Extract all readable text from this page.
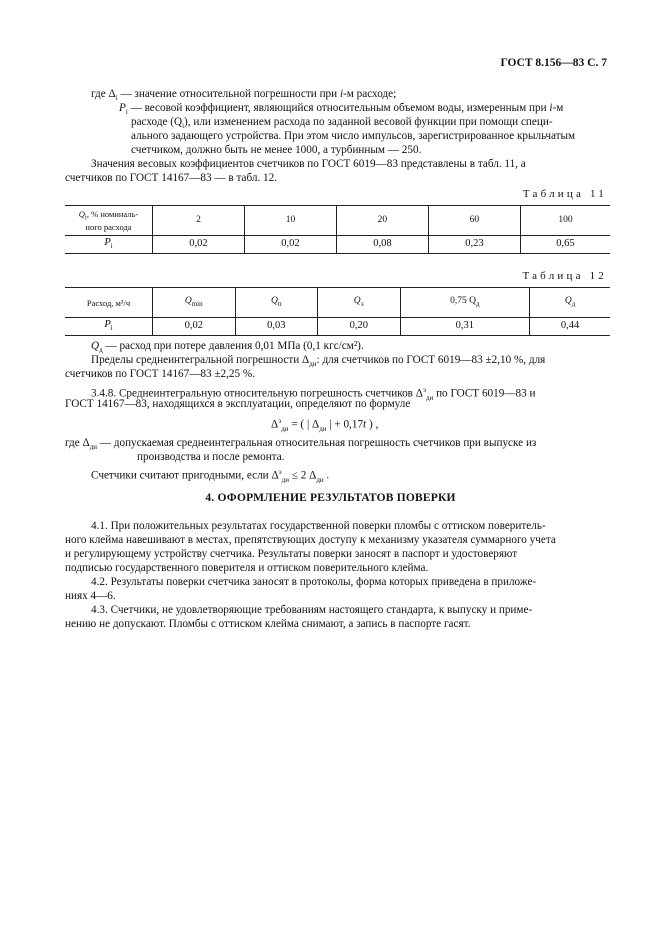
ГОСТ 8.156—83 С. 7
где $\Delta_i$ — значение относительной погрешности при i-м расходе;
$P_i$ — весовой коэффициент, являющийся относительным объемом воды, измеренным при i-м
расходе $(Q_i)$, или изменением расхода по заданной весовой функции при помощи специ-
ального задающего устройства. При этом число импульсов, зарегистрированное крыльчатым
счетчиком, должно быть не менее 1000, а турбинным — 250.
Значения весовых коэффициентов счетчиков по ГОСТ 6019—83 представлены в табл. 11, а
счетчиков по ГОСТ 14167—83 — в табл. 12.
Таблица 11
$Q_i$, % номиналь-
ного расхода	2	10	20	60	100
$P_i$	0,02	0,02	0,08	0,23	0,65
Таблица 12
Расход, м³/ч	$Q_{min}$	$Q_п$	$Q_э$	0,75 $Q_д$	$Q_д$
$P_i$	0,02	0,03	0,20	0,31	0,44
$Q_д$ — расход при потере давления 0,01 МПа (0,1 кгс/см²).
Пределы среднеинтегральной погрешности $\Delta_{ди}$: для счетчиков по ГОСТ 6019—83 ±2,10 %, для
счетчиков по ГОСТ 14167—83 ±2,25 %.
3.4.8. Среднеинтегральную относительную погрешность счетчиков $\Delta^э_{ди}$ по ГОСТ 6019—83 и
ГОСТ 14167—83, находящихся в эксплуатации, определяют по формуле
$\Delta^э_{ди}$ = ( | $\Delta_{ди}$ | + 0,17t ) ,
где $\Delta_{ди}$ — допускаемая среднеинтегральная относительная погрешность счетчиков при выпуске из
производства и после ремонта.
Счетчики считают пригодными, если $\Delta^э_{ди} \le 2$ $\Delta_{ди}$ .
4. ОФОРМЛЕНИЕ РЕЗУЛЬТАТОВ ПОВЕРКИ
4.1. При положительных результатах государственной поверки пломбы с оттиском поверитель-
ного клейма навешивают в местах, препятствующих доступу к механизму указателя суммарного учета
и регулирующему устройству счетчика. Результаты поверки заносят в паспорт и удостоверяют
подписью государственного поверителя и оттиском поверительного клейма.
4.2. Результаты поверки счетчика заносят в протоколы, форма которых приведена в приложе-
ниях 4—6.
4.3. Счетчики, не удовлетворяющие требованиям настоящего стандарта, к выпуску и приме-
нению не допускают. Пломбы с оттиском клейма снимают, а запись в паспорте гасят.
